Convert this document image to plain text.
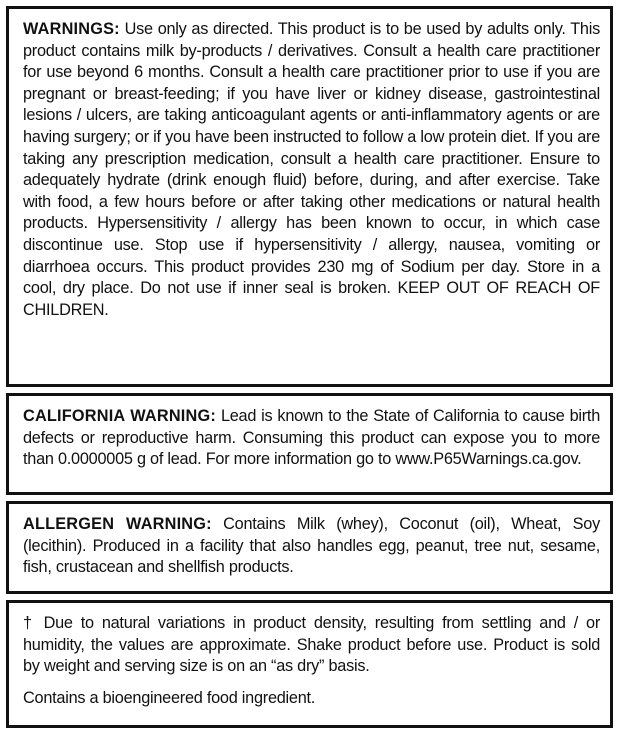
WARNINGS: Use only as directed. This product is to be used by adults only. This product contains milk by-products / derivatives. Consult a health care practitioner for use beyond 6 months. Consult a health care practitioner prior to use if you are pregnant or breast-feeding; if you have liver or kidney disease, gastrointestinal lesions / ulcers, are taking anticoagulant agents or anti-inflammatory agents or are having surgery; or if you have been instructed to follow a low protein diet. If you are taking any prescription medication, consult a health care practitioner. Ensure to adequately hydrate (drink enough fluid) before, during, and after exercise. Take with food, a few hours before or after taking other medications or natural health products. Hypersensitivity / allergy has been known to occur, in which case discontinue use. Stop use if hypersensitivity / allergy, nausea, vomiting or diarrhoea occurs. This product provides 230 mg of Sodium per day. Store in a cool, dry place. Do not use if inner seal is broken. KEEP OUT OF REACH OF CHILDREN.

CALIFORNIA WARNING: Lead is known to the State of California to cause birth defects or reproductive harm. Consuming this product can expose you to more than 0.0000005 g of lead. For more information go to www.P65Warnings.ca.gov.

ALLERGEN WARNING: Contains Milk (whey), Coconut (oil), Wheat, Soy (lecithin). Produced in a facility that also handles egg, peanut, tree nut, sesame, fish, crustacean and shellfish products.

† Due to natural variations in product density, resulting from settling and / or humidity, the values are approximate. Shake product before use. Product is sold by weight and serving size is on an “as dry” basis.

Contains a bioengineered food ingredient.
